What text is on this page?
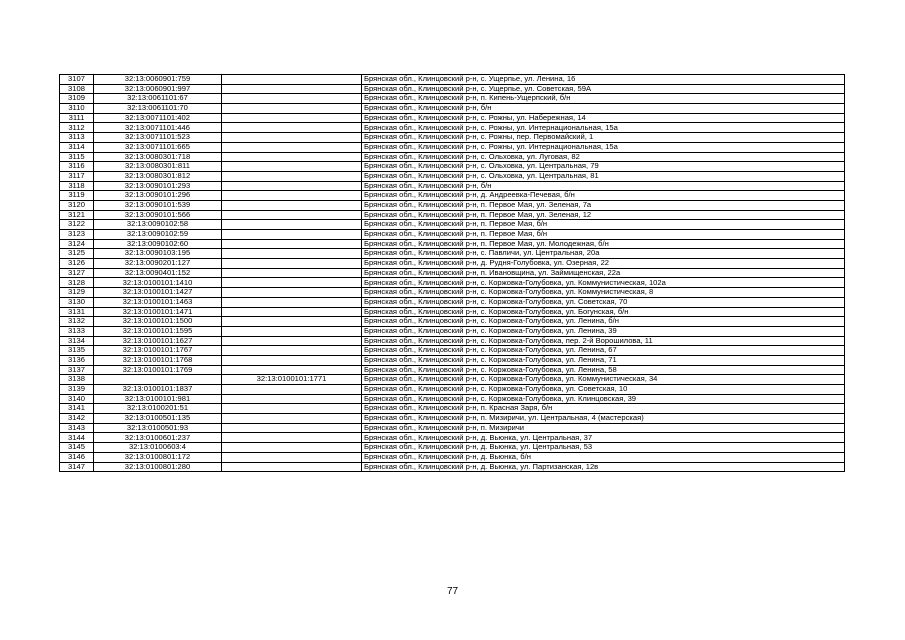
3107	32:13:0060901:759		Брянская обл., Клинцовский р-н, с. Ущерпье, ул. Ленина, 16
3108	32:13:0060901:997		Брянская обл., Клинцовский р-н, с. Ущерпье, ул. Советская, 59А
3109	32:13:0061101:67		Брянская обл., Клинцовский р-н, п. Кипень-Ущерпский, б/н
3110	32:13:0061101:70		Брянская обл., Клинцовский р-н, б/н
3111	32:13:0071101:402		Брянская обл., Клинцовский р-н, с. Рожны, ул. Набережная, 14
3112	32:13:0071101:446		Брянская обл., Клинцовский р-н, с. Рожны, ул. Интернациональная, 15а
3113	32:13:0071101:523		Брянская обл., Клинцовский р-н, с. Рожны, пер. Первомайский, 1
3114	32:13:0071101:665		Брянская обл., Клинцовский р-н, с. Рожны, ул. Интернациональная, 15а
3115	32:13:0080301:718		Брянская обл., Клинцовский р-н, с. Ольховка, ул. Луговая, 82
3116	32:13:0080301:811		Брянская обл., Клинцовский р-н, с. Ольховка, ул. Центральная, 79
3117	32:13:0080301:812		Брянская обл., Клинцовский р-н, с. Ольховка, ул. Центральная, 81
3118	32:13:0090101:293		Брянская обл., Клинцовский р-н, б/н
3119	32:13:0090101:296		Брянская обл., Клинцовский р-н, д. Андреевка-Печевая, б/н
3120	32:13:0090101:539		Брянская обл., Клинцовский р-н, п. Первое Мая, ул. Зеленая, 7а
3121	32:13:0090101:566		Брянская обл., Клинцовский р-н, п. Первое Мая, ул. Зеленая, 12
3122	32:13:0090102:58		Брянская обл., Клинцовский р-н, п. Первое Мая, б/н
3123	32:13:0090102:59		Брянская обл., Клинцовский р-н, п. Первое Мая, б/н
3124	32:13:0090102:60		Брянская обл., Клинцовский р-н, п. Первое Мая, ул. Молодежная, б/н
3125	32:13:0090103:195		Брянская обл., Клинцовский р-н, с. Павличи, ул. Центральная, 20а
3126	32:13:0090201:127		Брянская обл., Клинцовский р-н, д. Рудня-Голубовка, ул. Озерная, 22
3127	32:13:0090401:152		Брянская обл., Клинцовский р-н, п. Ивановщина, ул. Займищенская, 22а
3128	32:13:0100101:1410		Брянская обл., Клинцовский р-н, с. Коржовка-Голубовка, ул. Коммунистическая, 102а
3129	32:13:0100101:1427		Брянская обл., Клинцовский р-н, с. Коржовка-Голубовка, ул. Коммунистическая, 8
3130	32:13:0100101:1463		Брянская обл., Клинцовский р-н, с. Коржовка-Голубовка, ул. Советская, 70
3131	32:13:0100101:1471		Брянская обл., Клинцовский р-н, с. Коржовка-Голубовка, ул. Богунская, б/н
3132	32:13:0100101:1500		Брянская обл., Клинцовский р-н, с. Коржовка-Голубовка, ул. Ленина, б/н
3133	32:13:0100101:1595		Брянская обл., Клинцовский р-н, с. Коржовка-Голубовка, ул. Ленина, 39
3134	32:13:0100101:1627		Брянская обл., Клинцовский р-н, с. Коржовка-Голубовка, пер. 2-й Ворошилова, 11
3135	32:13:0100101:1767		Брянская обл., Клинцовский р-н, с. Коржовка-Голубовка, ул. Ленина, 67
3136	32:13:0100101:1768		Брянская обл., Клинцовский р-н, с. Коржовка-Голубовка, ул. Ленина, 71
3137	32:13:0100101:1769		Брянская обл., Клинцовский р-н, с. Коржовка-Голубовка, ул. Ленина, 58
3138		32:13:0100101:1771	Брянская обл., Клинцовский р-н, с. Коржовка-Голубовка, ул. Коммунистическая, 34
3139	32:13:0100101:1837		Брянская обл., Клинцовский р-н, с. Коржовка-Голубовка, ул. Советская, 10
3140	32:13:0100101:981		Брянская обл., Клинцовский р-н, с. Коржовка-Голубовка, ул. Клинцовская, 39
3141	32:13:0100201:51		Брянская обл., Клинцовский р-н, п. Красная Заря, б/н
3142	32:13:0100501:135		Брянская обл., Клинцовский р-н, п. Мизиричи, ул. Центральная, 4 (мастерская)
3143	32:13:0100501:93		Брянская обл., Клинцовский р-н, п. Мизиричи
3144	32:13:0100601:237		Брянская обл., Клинцовский р-н, д. Вьюнка, ул. Центральная, 37
3145	32:13:0100603:4		Брянская обл., Клинцовский р-н, д. Вьюнка, ул. Центральная, 53
3146	32:13:0100801:172		Брянская обл., Клинцовский р-н, д. Вьюнка, б/н
3147	32:13:0100801:280		Брянская обл., Клинцовский р-н, д. Вьюнка, ул. Партизанская, 12в
77
